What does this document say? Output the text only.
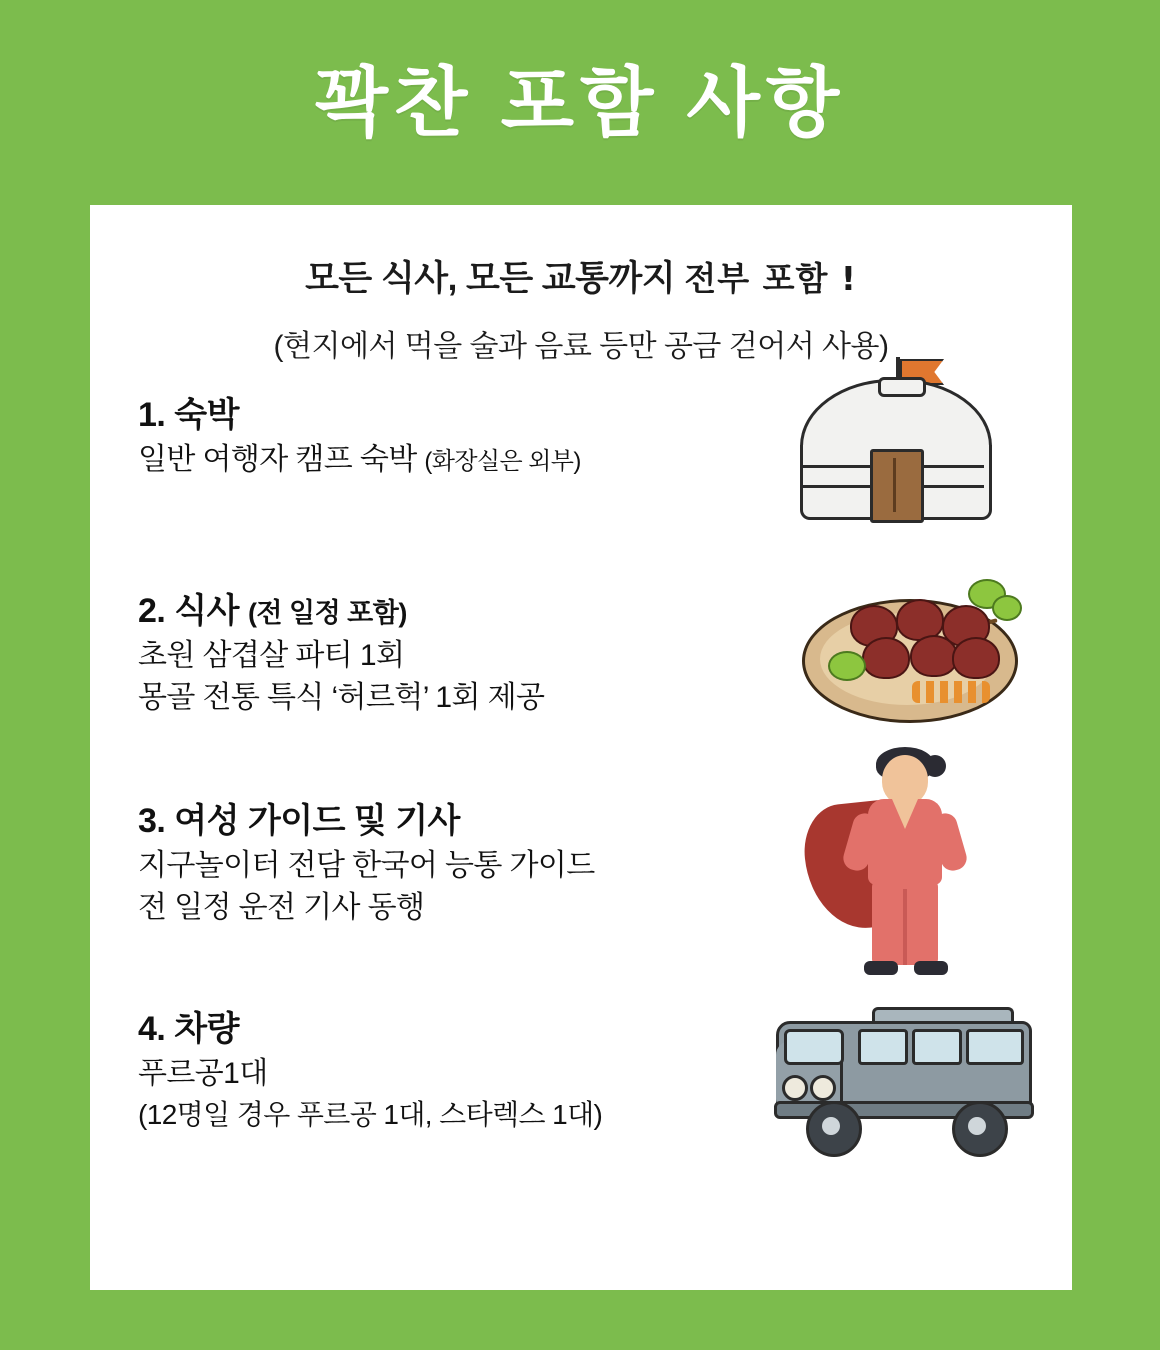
꽉찬 포함 사항
모든 식사, 모든 교통까지 전부 포함 !
(현지에서 먹을 술과 음료 등만 공금 걷어서 사용)
1. 숙박
일반 여행자 캠프 숙박 (화장실은 외부)
2. 식사 (전 일정 포함)
초원 삼겹살 파티 1회
몽골 전통 특식 ‘허르헉’ 1회 제공
3. 여성 가이드 및 기사
지구놀이터 전담 한국어 능통 가이드
전 일정 운전 기사 동행
4. 차량
푸르공1대
(12명일 경우 푸르공 1대, 스타렉스 1대)
